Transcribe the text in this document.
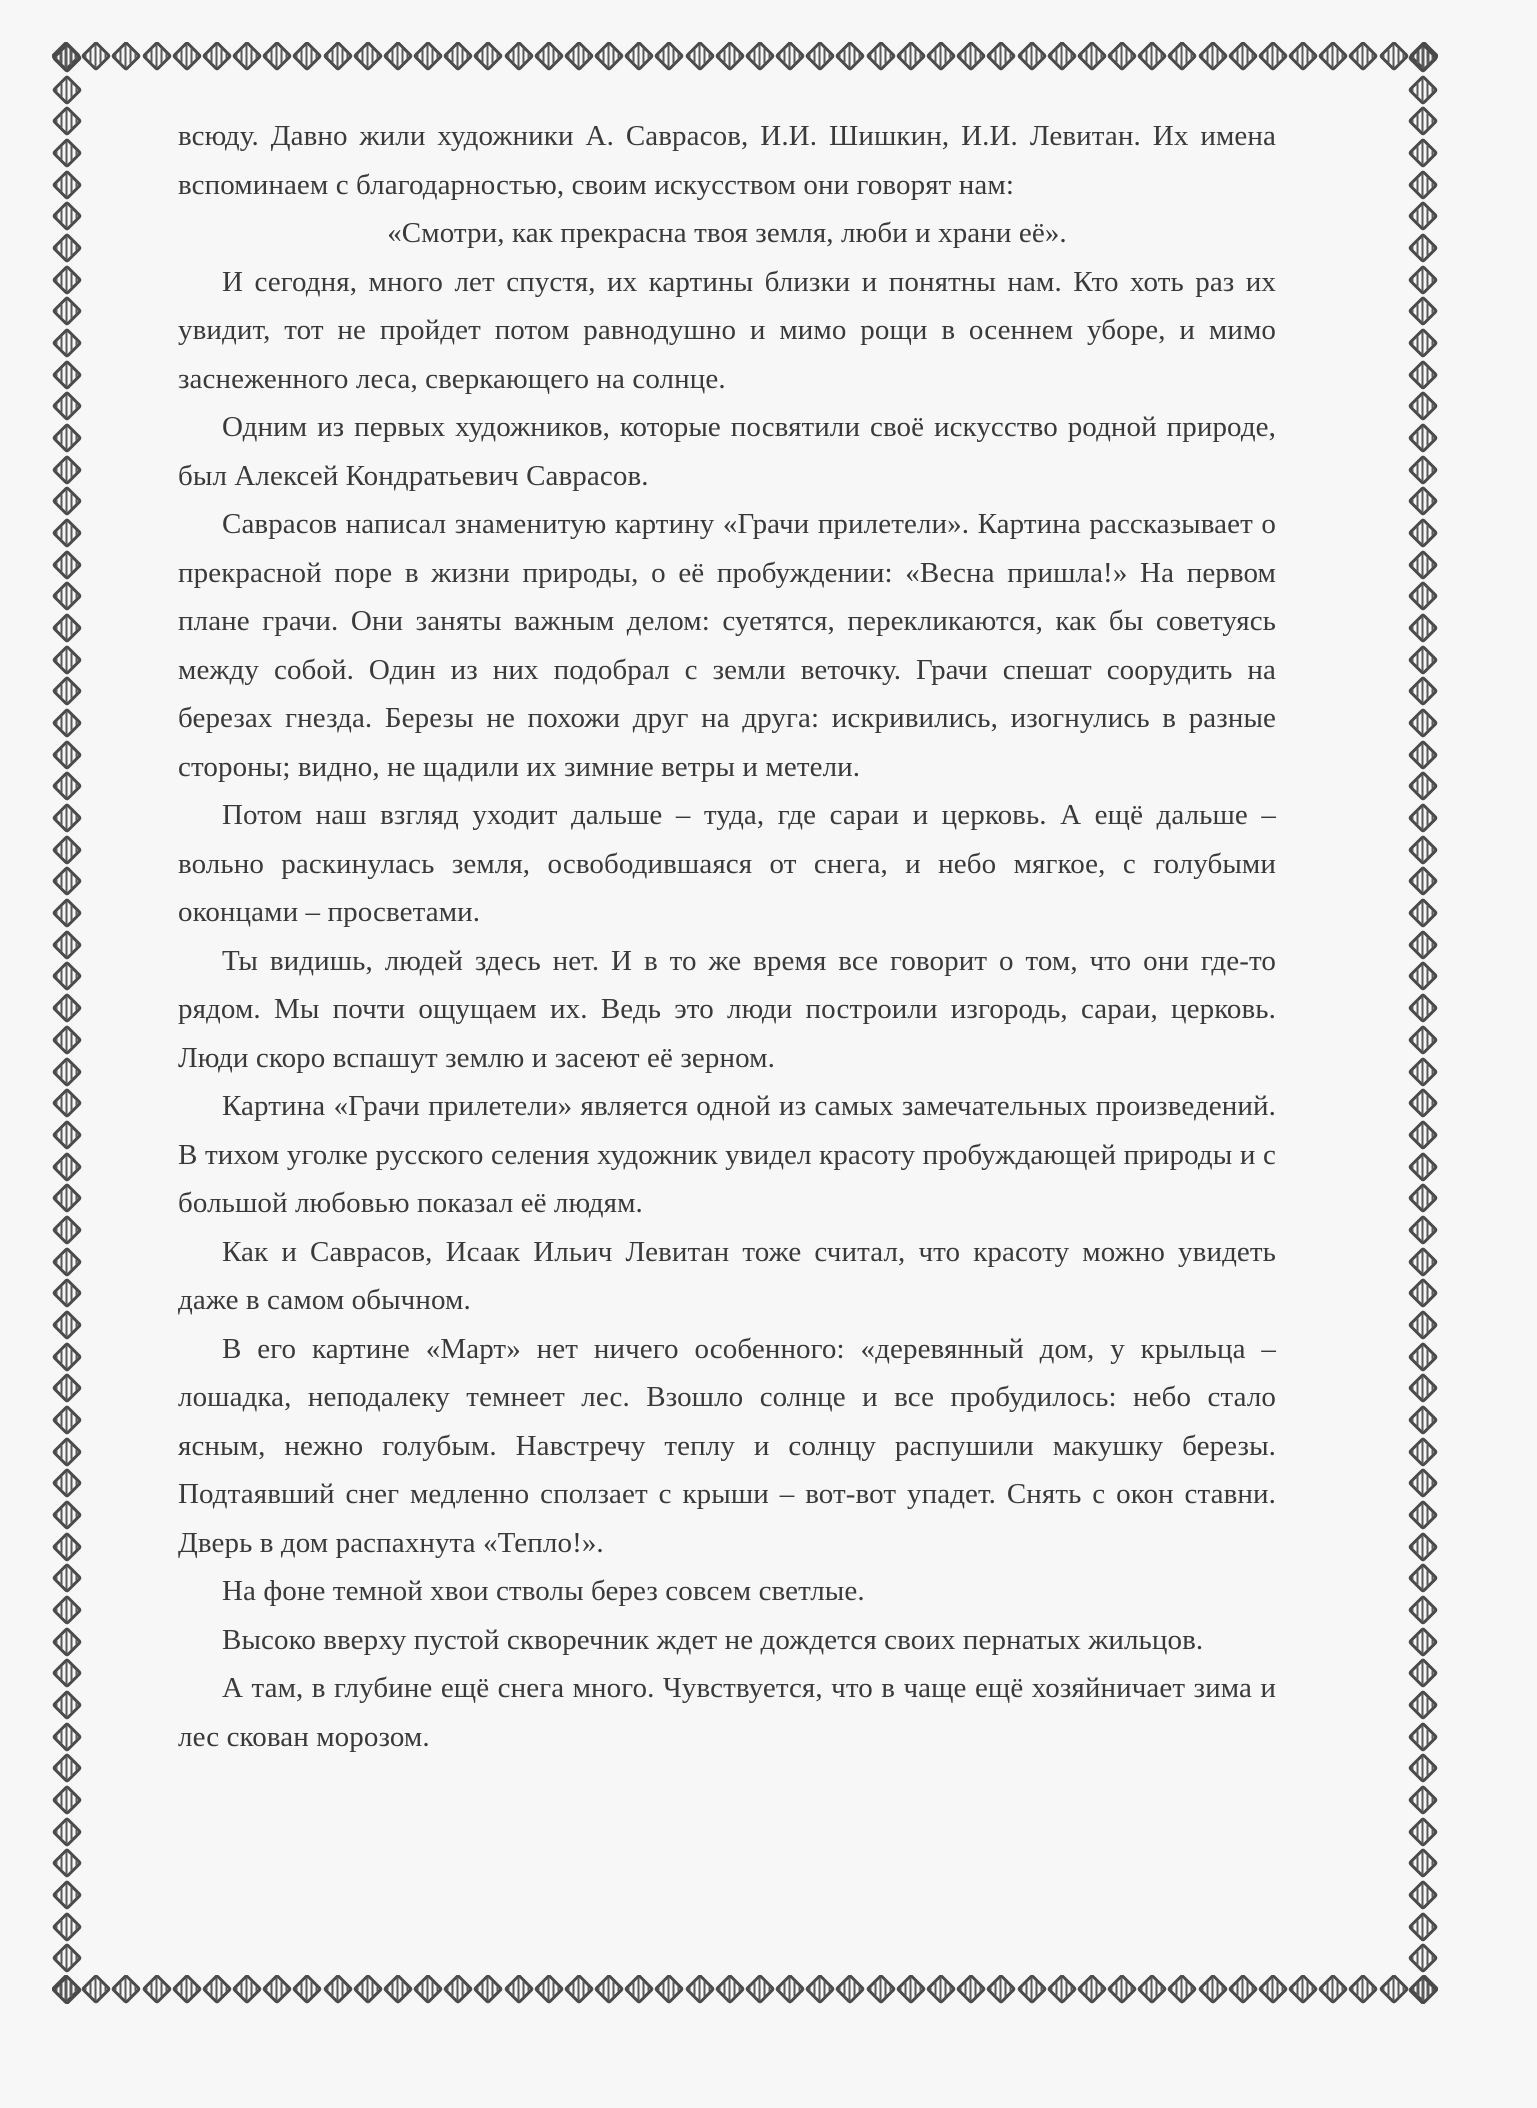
всюду. Давно жили художники А. Саврасов, И.И. Шишкин, И.И. Левитан. Их имена вспоминаем с благодарностью, своим искусством они говорят нам:

«Смотри, как прекрасна твоя земля, люби и храни её».

И сегодня, много лет спустя, их картины близки и понятны нам. Кто хоть раз их увидит, тот не пройдет потом равнодушно и мимо рощи в осеннем уборе, и мимо заснеженного леса, сверкающего на солнце.

Одним из первых художников, которые посвятили своё искусство родной природе, был Алексей Кондратьевич Саврасов.

Саврасов написал знаменитую картину «Грачи прилетели». Картина рассказывает о прекрасной поре в жизни природы, о её пробуждении: «Весна пришла!» На первом плане грачи. Они заняты важным делом: суетятся, перекликаются, как бы советуясь между собой. Один из них подобрал с земли веточку. Грачи спешат соорудить на березах гнезда. Березы не похожи друг на друга: искривились, изогнулись в разные стороны; видно, не щадили их зимние ветры и метели.

Потом наш взгляд уходит дальше – туда, где сараи и церковь. А ещё дальше – вольно раскинулась земля, освободившаяся от снега, и небо мягкое, с голубыми оконцами – просветами.

Ты видишь, людей здесь нет. И в то же время все говорит о том, что они где-то рядом. Мы почти ощущаем их. Ведь это люди построили изгородь, сараи, церковь. Люди скоро вспашут землю и засеют её зерном.

Картина «Грачи прилетели» является одной из самых замечательных произведений. В тихом уголке русского селения художник увидел красоту пробуждающей природы и с большой любовью показал её людям.

Как и Саврасов, Исаак Ильич Левитан тоже считал, что красоту можно увидеть даже в самом обычном.

В его картине «Март» нет ничего особенного: «деревянный дом, у крыльца – лошадка, неподалеку темнеет лес. Взошло солнце и все пробудилось: небо стало ясным, нежно голубым. Навстречу теплу и солнцу распушили макушку березы. Подтаявший снег медленно сползает с крыши – вот-вот упадет. Снять с окон ставни. Дверь в дом распахнута «Тепло!».

На фоне темной хвои стволы берез совсем светлые.

Высоко вверху пустой скворечник ждет не дождется своих пернатых жильцов.

А там, в глубине ещё снега много. Чувствуется, что в чаще ещё хозяйничает зима и лес скован морозом.
